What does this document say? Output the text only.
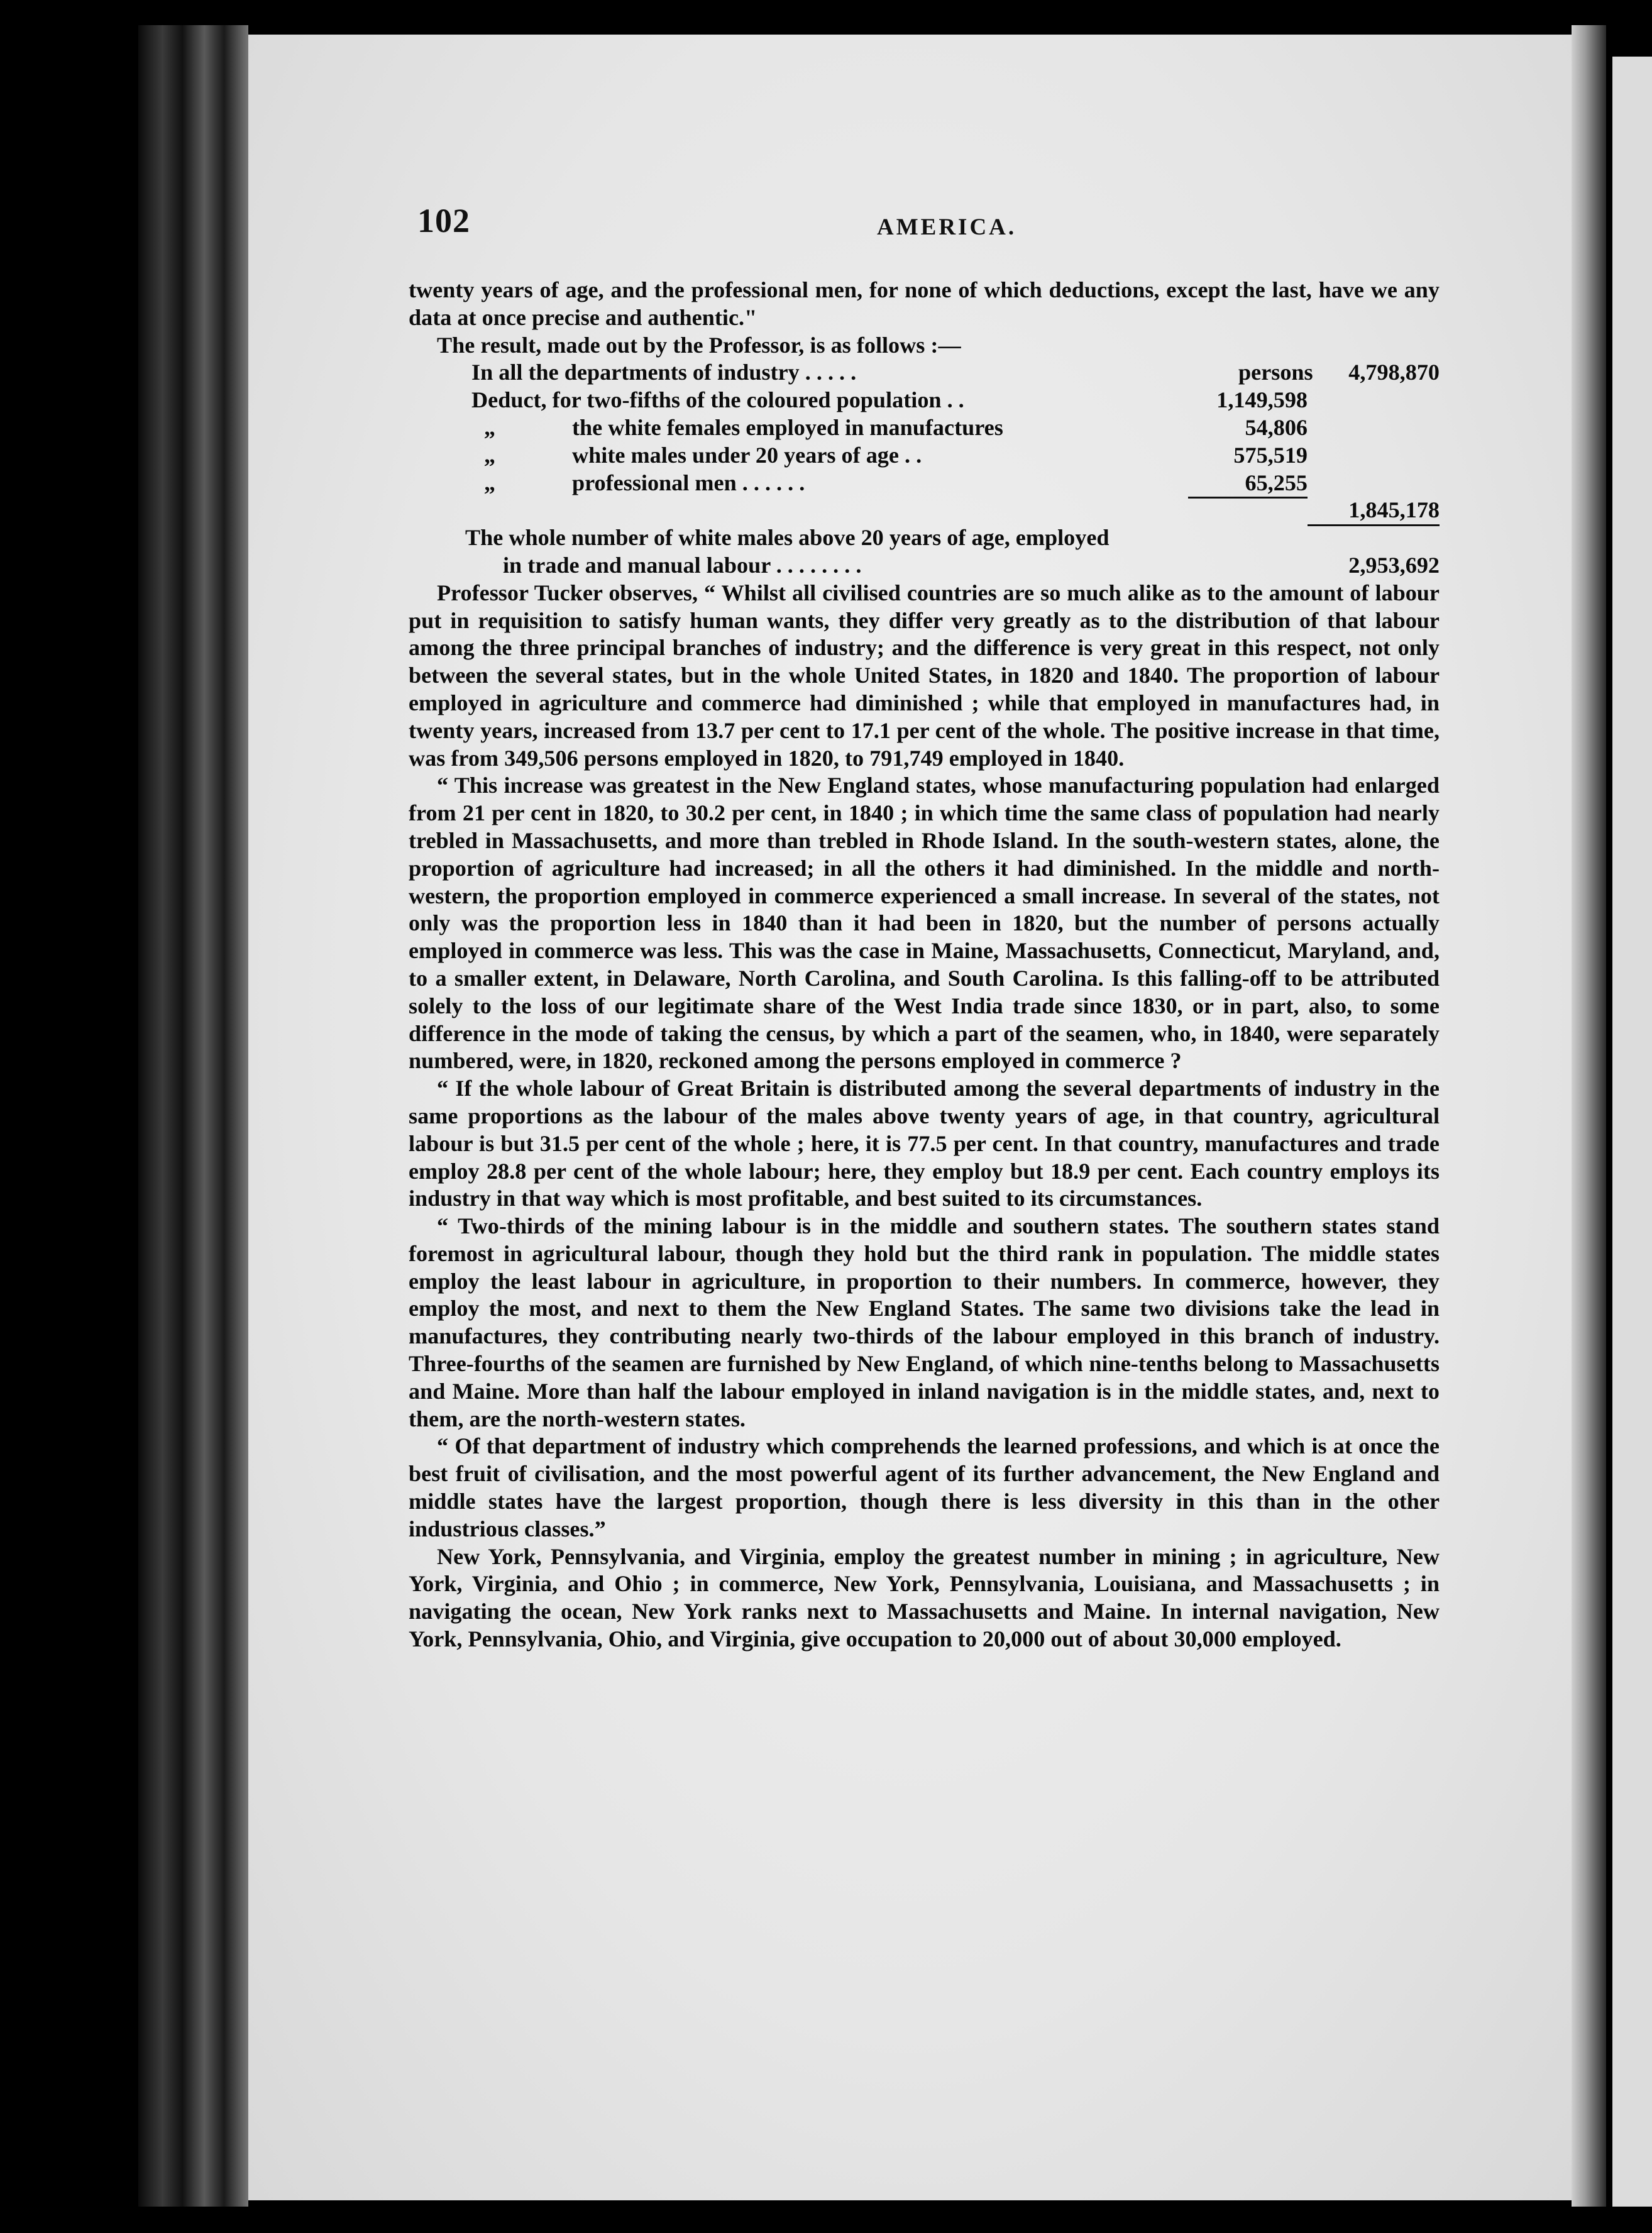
102	AMERICA.

twenty years of age, and the professional men, for none of which deductions, except the last, have we any data at once precise and authentic."

The result, made out by the Professor, is as follows :—

In all the departments of industry . . . . .	persons	4,798,870
Deduct, for two-fifths of the coloured population . .	1,149,598
„	the white females employed in manufactures	54,806
„	white males under 20 years of age . .	575,519
„	professional men . . . . . .	65,255
1,845,178
The whole number of white males above 20 years of age, employed
in trade and manual labour . . . . . . . .	2,953,692

Professor Tucker observes, “ Whilst all civilised countries are so much alike as to the amount of labour put in requisition to satisfy human wants, they differ very greatly as to the distribution of that labour among the three principal branches of industry; and the difference is very great in this respect, not only between the several states, but in the whole United States, in 1820 and 1840. The proportion of labour employed in agriculture and commerce had diminished ; while that employed in manufactures had, in twenty years, increased from 13.7 per cent to 17.1 per cent of the whole. The positive increase in that time, was from 349,506 persons employed in 1820, to 791,749 employed in 1840.

“ This increase was greatest in the New England states, whose manufacturing population had enlarged from 21 per cent in 1820, to 30.2 per cent, in 1840 ; in which time the same class of population had nearly trebled in Massachusetts, and more than trebled in Rhode Island. In the south-western states, alone, the proportion of agriculture had increased; in all the others it had diminished. In the middle and north-western, the proportion employed in commerce experienced a small increase. In several of the states, not only was the proportion less in 1840 than it had been in 1820, but the number of persons actually employed in commerce was less. This was the case in Maine, Massachusetts, Connecticut, Maryland, and, to a smaller extent, in Delaware, North Carolina, and South Carolina. Is this falling-off to be attributed solely to the loss of our legitimate share of the West India trade since 1830, or in part, also, to some difference in the mode of taking the census, by which a part of the seamen, who, in 1840, were separately numbered, were, in 1820, reckoned among the persons employed in commerce ?

“ If the whole labour of Great Britain is distributed among the several departments of industry in the same proportions as the labour of the males above twenty years of age, in that country, agricultural labour is but 31.5 per cent of the whole ; here, it is 77.5 per cent. In that country, manufactures and trade employ 28.8 per cent of the whole labour; here, they employ but 18.9 per cent. Each country employs its industry in that way which is most profitable, and best suited to its circumstances.

“ Two-thirds of the mining labour is in the middle and southern states. The southern states stand foremost in agricultural labour, though they hold but the third rank in population. The middle states employ the least labour in agriculture, in proportion to their numbers. In commerce, however, they employ the most, and next to them the New England States. The same two divisions take the lead in manufactures, they contributing nearly two-thirds of the labour employed in this branch of industry. Three-fourths of the seamen are furnished by New England, of which nine-tenths belong to Massachusetts and Maine. More than half the labour employed in inland navigation is in the middle states, and, next to them, are the north-western states.

“ Of that department of industry which comprehends the learned professions, and which is at once the best fruit of civilisation, and the most powerful agent of its further advancement, the New England and middle states have the largest proportion, though there is less diversity in this than in the other industrious classes.”

New York, Pennsylvania, and Virginia, employ the greatest number in mining ; in agriculture, New York, Virginia, and Ohio ; in commerce, New York, Pennsylvania, Louisiana, and Massachusetts ; in navigating the ocean, New York ranks next to Massachusetts and Maine. In internal navigation, New York, Pennsylvania, Ohio, and Virginia, give occupation to 20,000 out of about 30,000 employed.
